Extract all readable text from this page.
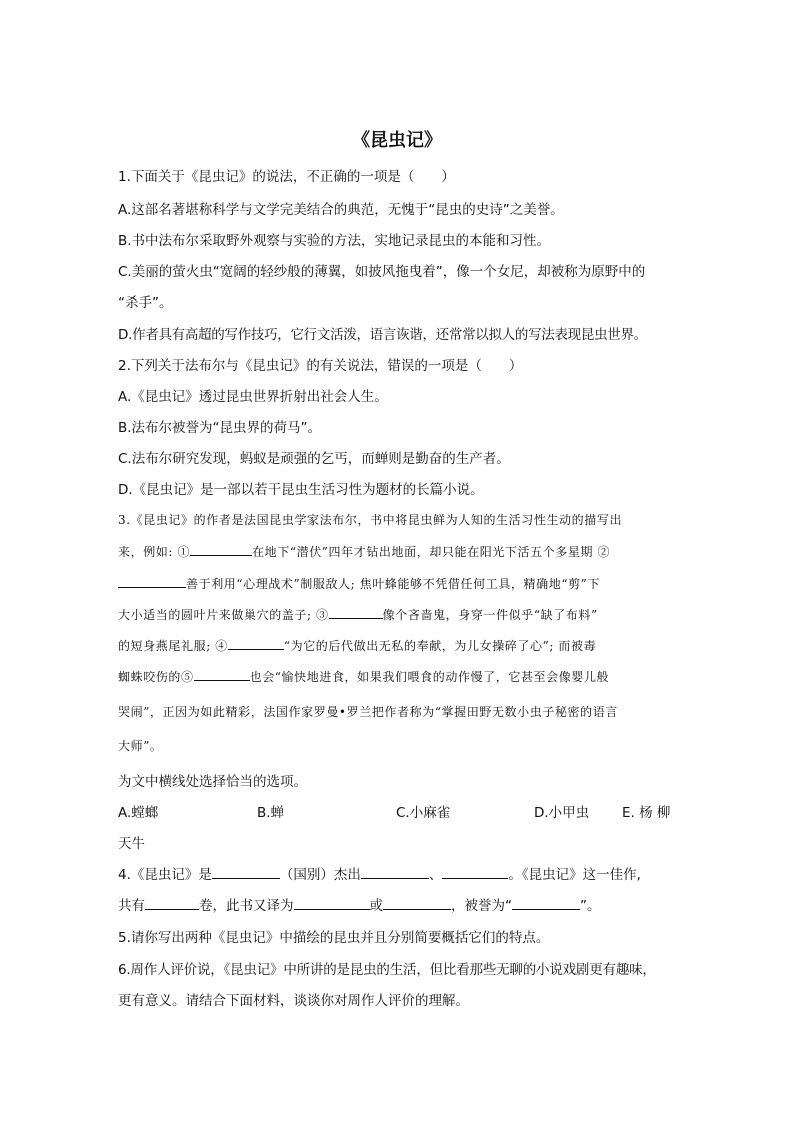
《昆虫记》
1.下面关于《昆虫记》的说法，不正确的一项是（　　）
A.这部名著堪称科学与文学完美结合的典范，无愧于“昆虫的史诗”之美誉。
B.书中法布尔采取野外观察与实验的方法，实地记录昆虫的本能和习性。
C.美丽的萤火虫“宽阔的轻纱般的薄翼，如披风拖曳着”，像一个女尼，却被称为原野中的
“杀手”。
D.作者具有高超的写作技巧，它行文活泼，语言诙谐，还常常以拟人的写法表现昆虫世界。
2.下列关于法布尔与《昆虫记》的有关说法，错误的一项是（　　）
A.《昆虫记》透过昆虫世界折射出社会人生。
B.法布尔被誉为“昆虫界的荷马”。
C.法布尔研究发现，蚂蚁是顽强的乞丐，而蝉则是勤奋的生产者。
D.《昆虫记》是一部以若干昆虫生活习性为题材的长篇小说。
3.《昆虫记》的作者是法国昆虫学家法布尔，书中将昆虫鲜为人知的生活习性生动的描写出
来，例如: ①	在地下“潜伏”四年才钻出地面，却只能在阳光下活五个多星期 ②
善于利用“心理战术”制服敌人; 焦叶蜂能够不凭借任何工具，精确地“剪”下
大小适当的圆叶片来做巢穴的盖子; ③	像个吝啬鬼，身穿一件似乎“缺了布料”
的短身燕尾礼服; ④	“为它的后代做出无私的奉献，为儿女操碎了心”; 而被毒
蜘蛛咬伤的⑤	也会“愉快地进食，如果我们喂食的动作慢了，它甚至会像婴儿般
哭闹”，正因为如此精彩，法国作家罗曼•罗兰把作者称为“掌握田野无数小虫子秘密的语言
大师”。
为文中横线处选择恰当的选项。
A.螳螂	B.蝉	C.小麻雀	D.小甲虫 E. 杨 柳
天牛
4.《昆虫记》是	（国别）杰出	、	。《昆虫记》这一佳作,
共有	卷，此书又译为	或	，被誉为“	”。
5.请你写出两种《昆虫记》中描绘的昆虫并且分别简要概括它们的特点。
6.周作人评价说，《昆虫记》中所讲的是昆虫的生活，但比看那些无聊的小说戏剧更有趣味，
更有意义。请结合下面材料，谈谈你对周作人评价的理解。
